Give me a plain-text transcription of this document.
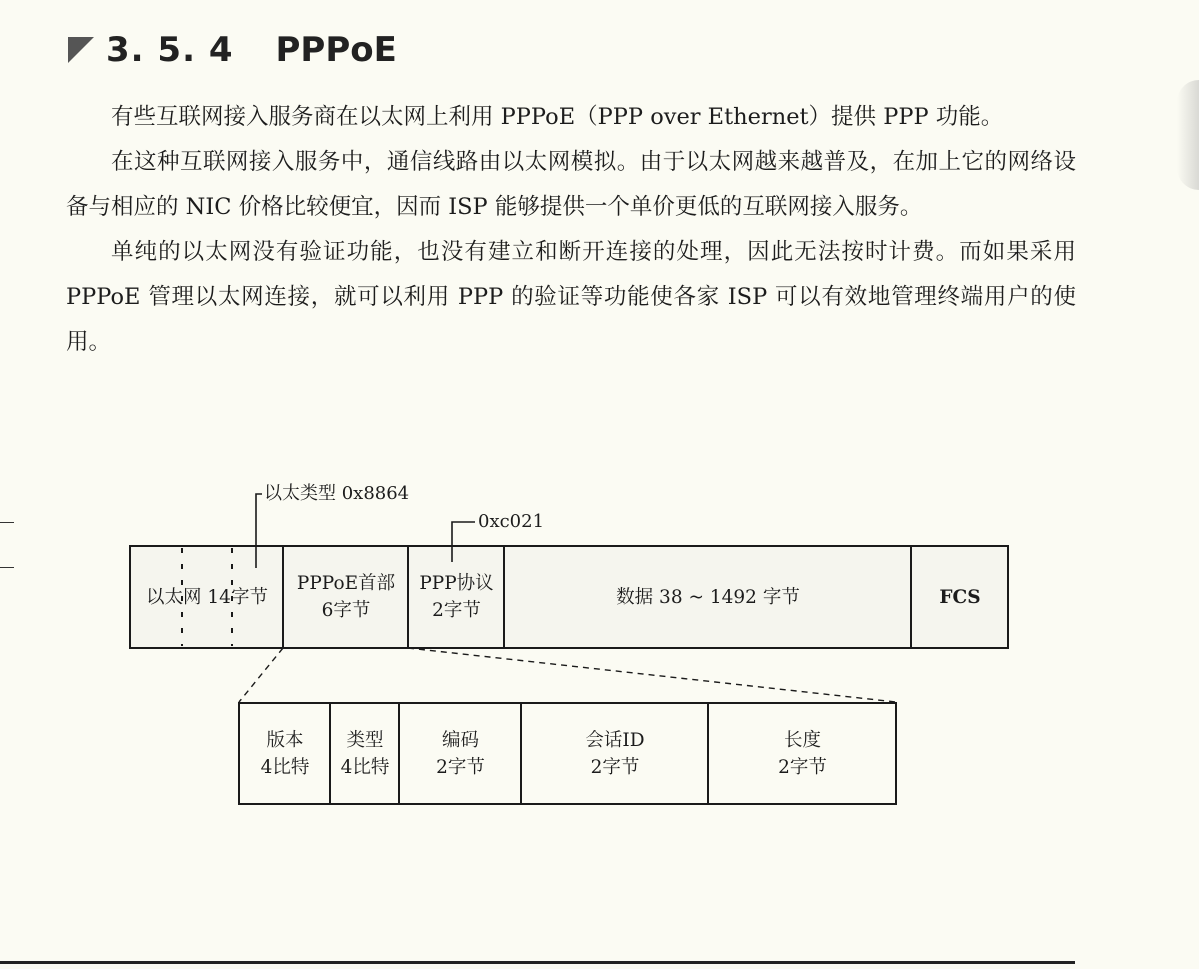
3. 5. 4 PPPoE

有些互联网接入服务商在以太网上利用 PPPoE（PPP over Ethernet）提供 PPP 功能。

在这种互联网接入服务中，通信线路由以太网模拟。由于以太网越来越普及，在加上它的网络设备与相应的 NIC 价格比较便宜，因而 ISP 能够提供一个单价更低的互联网接入服务。

单纯的以太网没有验证功能，也没有建立和断开连接的处理，因此无法按时计费。而如果采用 PPPoE 管理以太网连接，就可以利用 PPP 的验证等功能使各家 ISP 可以有效地管理终端用户的使用。

以太类型 0x8864
0xc021
以太网 14字节
PPPoE首部
6字节
PPP协议
2字节
数据 38 ~ 1492 字节	FCS
版本
4比特
类型
4比特
编码
2字节
会话ID
2字节
长度
2字节
